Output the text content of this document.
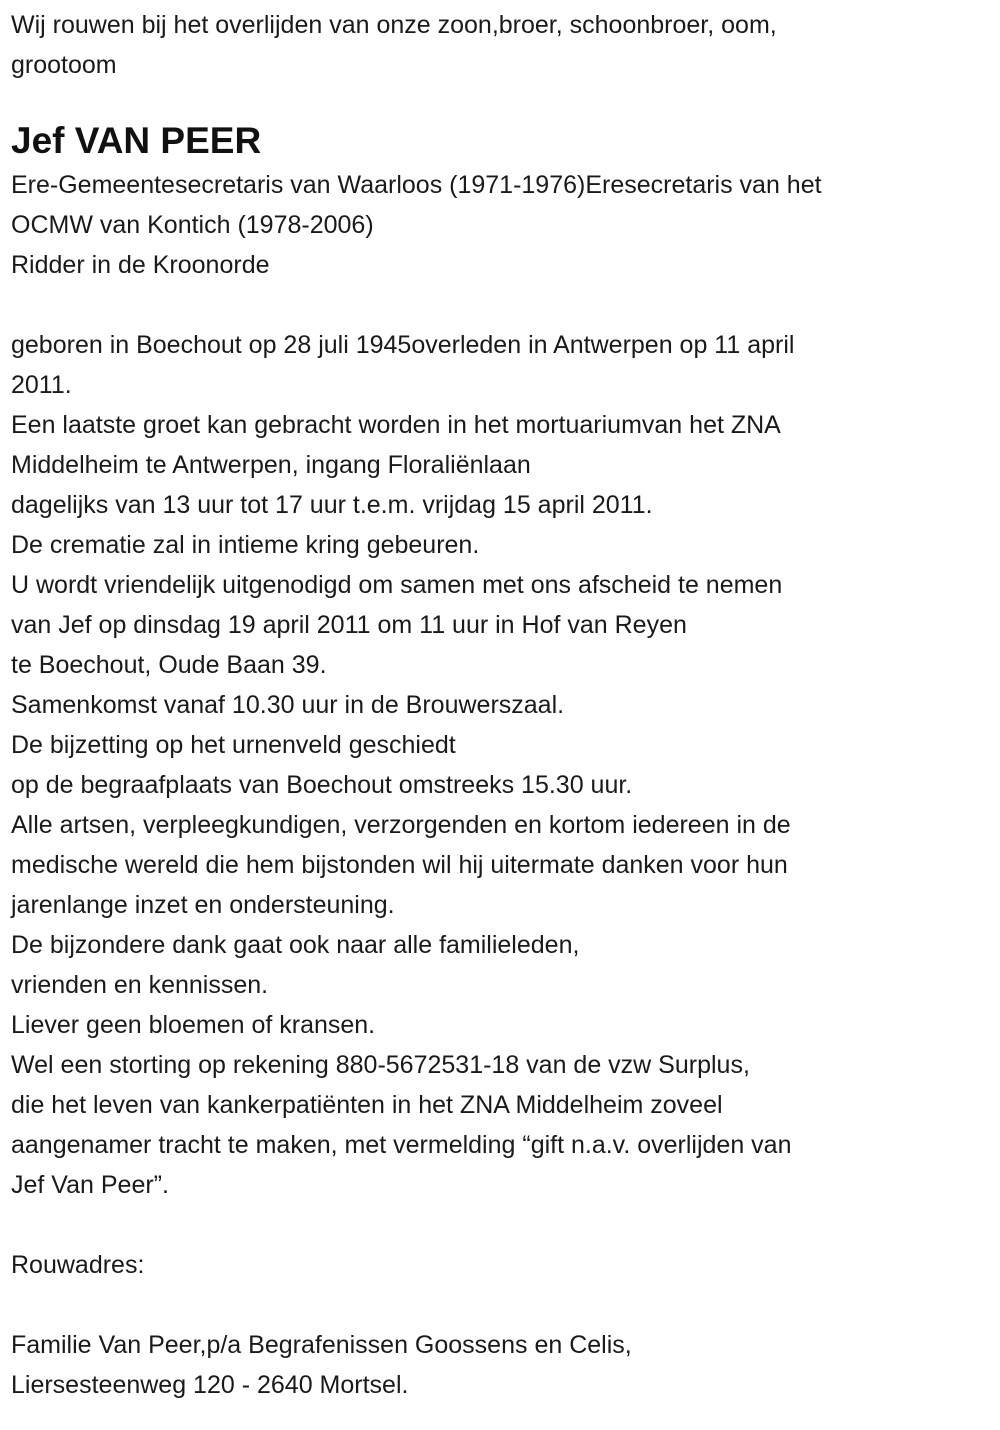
Wij rouwen bij het overlijden van onze zoon,broer, schoonbroer, oom,
grootoom
Jef VAN PEER
Ere-Gemeentesecretaris van Waarloos (1971-1976)Eresecretaris van het
OCMW van Kontich (1978-2006)
Ridder in de Kroonorde
geboren in Boechout op 28 juli 1945overleden in Antwerpen op 11 april
2011.
Een laatste groet kan gebracht worden in het mortuariumvan het ZNA
Middelheim te Antwerpen, ingang Floraliënlaan
dagelijks van 13 uur tot 17 uur t.e.m. vrijdag 15 april 2011.
De crematie zal in intieme kring gebeuren.
U wordt vriendelijk uitgenodigd om samen met ons afscheid te nemen
van Jef op dinsdag 19 april 2011 om 11 uur in Hof van Reyen
te Boechout, Oude Baan 39.
Samenkomst vanaf 10.30 uur in de Brouwerszaal.
De bijzetting op het urnenveld geschiedt
op de begraafplaats van Boechout omstreeks 15.30 uur.
Alle artsen, verpleegkundigen, verzorgenden en kortom iedereen in de
medische wereld die hem bijstonden wil hij uitermate danken voor hun
jarenlange inzet en ondersteuning.
De bijzondere dank gaat ook naar alle familieleden,
vrienden en kennissen.
Liever geen bloemen of kransen.
Wel een storting op rekening 880-5672531-18 van de vzw Surplus,
die het leven van kankerpatiënten in het ZNA Middelheim zoveel
aangenamer tracht te maken, met vermelding “gift n.a.v. overlijden van
Jef Van Peer”.
Rouwadres:
Familie Van Peer,p/a Begrafenissen Goossens en Celis,
Liersesteenweg 120 - 2640 Mortsel.
